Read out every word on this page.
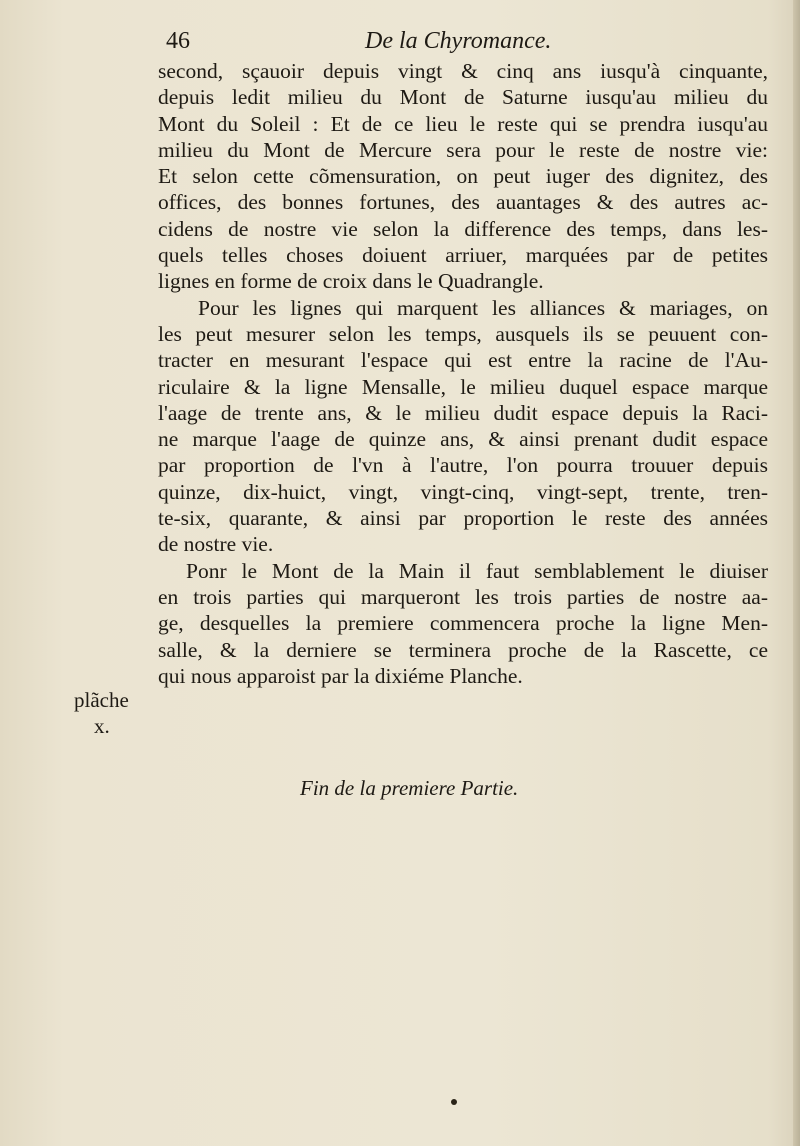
46	De la Chyromance.
second, sçauoir depuis vingt & cinq ans iusqu'à cinquante,
depuis ledit milieu du Mont de Saturne iusqu'au milieu du
Mont du Soleil : Et de ce lieu le reste qui se prendra iusqu'au
milieu du Mont de Mercure sera pour le reste de nostre vie:
Et selon cette cõmensuration, on peut iuger des dignitez, des
offices, des bonnes fortunes, des auantages & des autres ac-
cidens de nostre vie selon la difference des temps, dans les-
quels telles choses doiuent arriuer, marquées par de petites
lignes en forme de croix dans le Quadrangle.
Pour les lignes qui marquent les alliances & mariages, on
les peut mesurer selon les temps, ausquels ils se peuuent con-
tracter en mesurant l'espace qui est entre la racine de l'Au-
riculaire & la ligne Mensalle, le milieu duquel espace marque
l'aage de trente ans, & le milieu dudit espace depuis la Raci-
ne marque l'aage de quinze ans, & ainsi prenant dudit espace
par proportion de l'vn à l'autre, l'on pourra trouuer depuis
quinze, dix-huict, vingt, vingt-cinq, vingt-sept, trente, tren-
te-six, quarante, & ainsi par proportion le reste des années
de nostre vie.
Ponr le Mont de la Main il faut semblablement le diuiser
en trois parties qui marqueront les trois parties de nostre aa-
ge, desquelles la premiere commencera proche la ligne Men-
salle, & la derniere se terminera proche de la Rascette, ce
qui nous apparoist par la dixiéme Planche.
plãche
x.
Fin de la premiere Partie.
